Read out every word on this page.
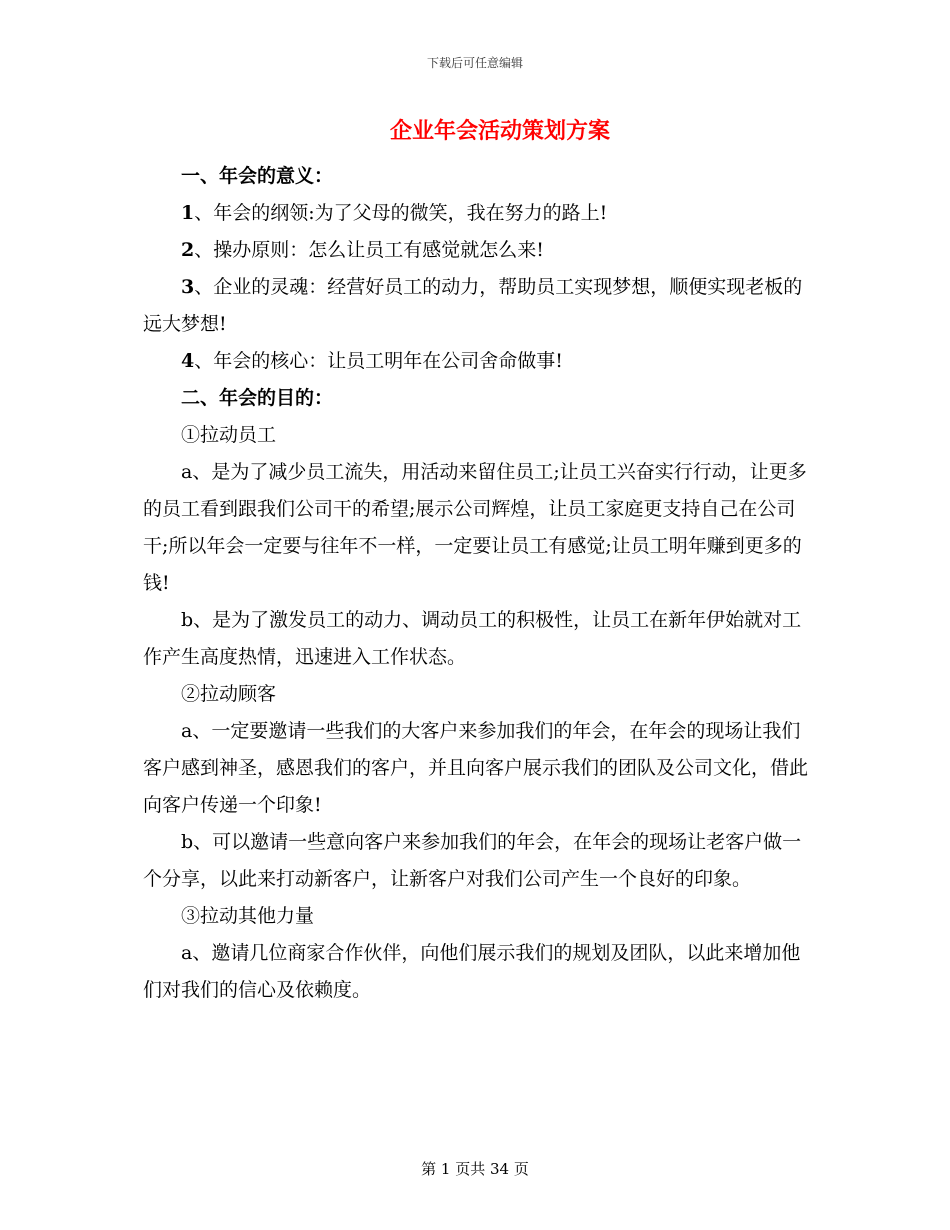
下载后可任意编辑
企业年会活动策划方案

一、年会的意义：

1、年会的纲领:为了父母的微笑，我在努力的路上!

2、操办原则：怎么让员工有感觉就怎么来!

3、企业的灵魂：经营好员工的动力，帮助员工实现梦想，顺便实现老板的远大梦想!

4、年会的核心：让员工明年在公司舍命做事!

二、年会的目的：

①拉动员工

a、是为了减少员工流失，用活动来留住员工;让员工兴奋实行行动，让更多的员工看到跟我们公司干的希望;展示公司辉煌，让员工家庭更支持自己在公司干;所以年会一定要与往年不一样，一定要让员工有感觉;让员工明年赚到更多的钱!

b、是为了激发员工的动力、调动员工的积极性，让员工在新年伊始就对工作产生高度热情，迅速进入工作状态。

②拉动顾客

a、一定要邀请一些我们的大客户来参加我们的年会，在年会的现场让我们客户感到神圣，感恩我们的客户，并且向客户展示我们的团队及公司文化，借此向客户传递一个印象!

b、可以邀请一些意向客户来参加我们的年会，在年会的现场让老客户做一个分享，以此来打动新客户，让新客户对我们公司产生一个良好的印象。

③拉动其他力量

a、邀请几位商家合作伙伴，向他们展示我们的规划及团队，以此来增加他们对我们的信心及依赖度。

第 1 页共 34 页
